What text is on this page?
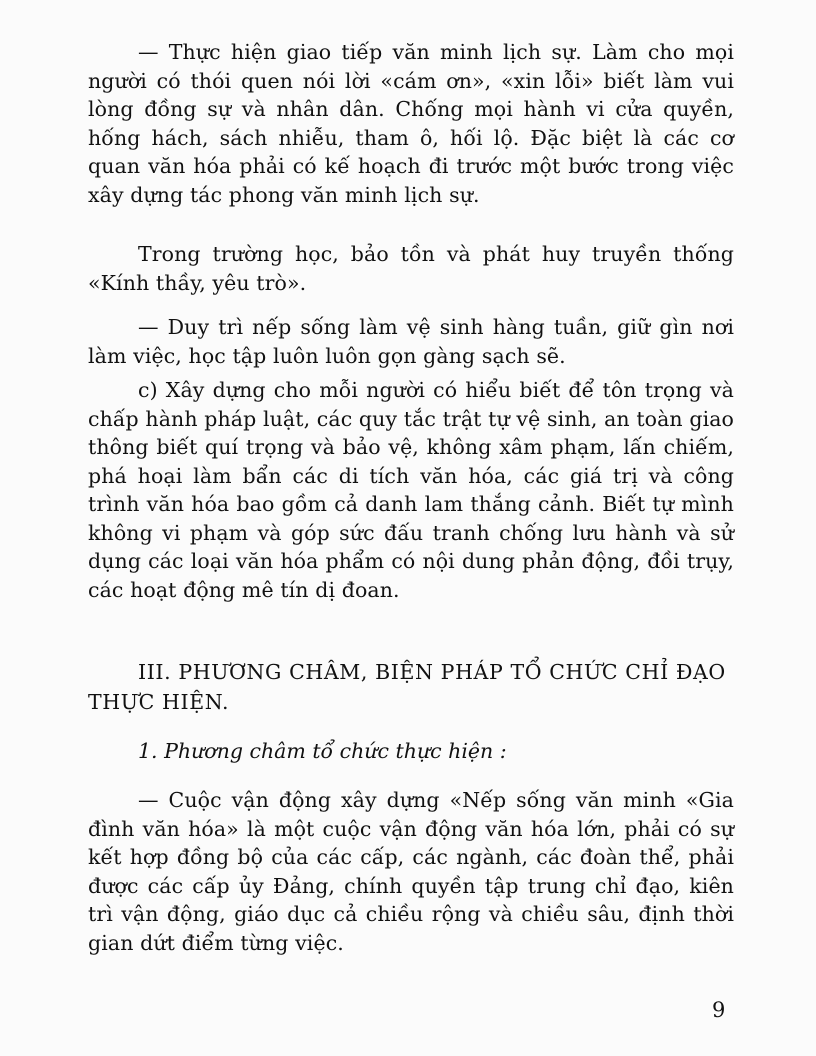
— Thực hiện giao tiếp văn minh lịch sự. Làm cho mọi người có thói quen nói lời «cám ơn», «xin lỗi» biết làm vui lòng đồng sự và nhân dân. Chống mọi hành vi cửa quyền, hống hách, sách nhiễu, tham ô, hối lộ. Đặc biệt là các cơ quan văn hóa phải có kế hoạch đi trước một bước trong việc xây dựng tác phong văn minh lịch sự.

Trong trường học, bảo tồn và phát huy truyền thống «Kính thầy, yêu trò».

— Duy trì nếp sống làm vệ sinh hàng tuần, giữ gìn nơi làm việc, học tập luôn luôn gọn gàng sạch sẽ.

c) Xây dựng cho mỗi người có hiểu biết để tôn trọng và chấp hành pháp luật, các quy tắc trật tự vệ sinh, an toàn giao thông biết quí trọng và bảo vệ, không xâm phạm, lấn chiếm, phá hoại làm bẩn các di tích văn hóa, các giá trị và công trình văn hóa bao gồm cả danh lam thắng cảnh. Biết tự mình không vi phạm và góp sức đấu tranh chống lưu hành và sử dụng các loại văn hóa phẩm có nội dung phản động, đồi trụy, các hoạt động mê tín dị đoan.

III. PHƯƠNG CHÂM, BIỆN PHÁP TỔ CHỨC CHỈ ĐẠO THỰC HIỆN.

1. Phương châm tổ chức thực hiện :

— Cuộc vận động xây dựng «Nếp sống văn minh «Gia đình văn hóa» là một cuộc vận động văn hóa lớn, phải có sự kết hợp đồng bộ của các cấp, các ngành, các đoàn thể, phải được các cấp ủy Đảng, chính quyền tập trung chỉ đạo, kiên trì vận động, giáo dục cả chiều rộng và chiều sâu, định thời gian dứt điểm từng việc.

9
